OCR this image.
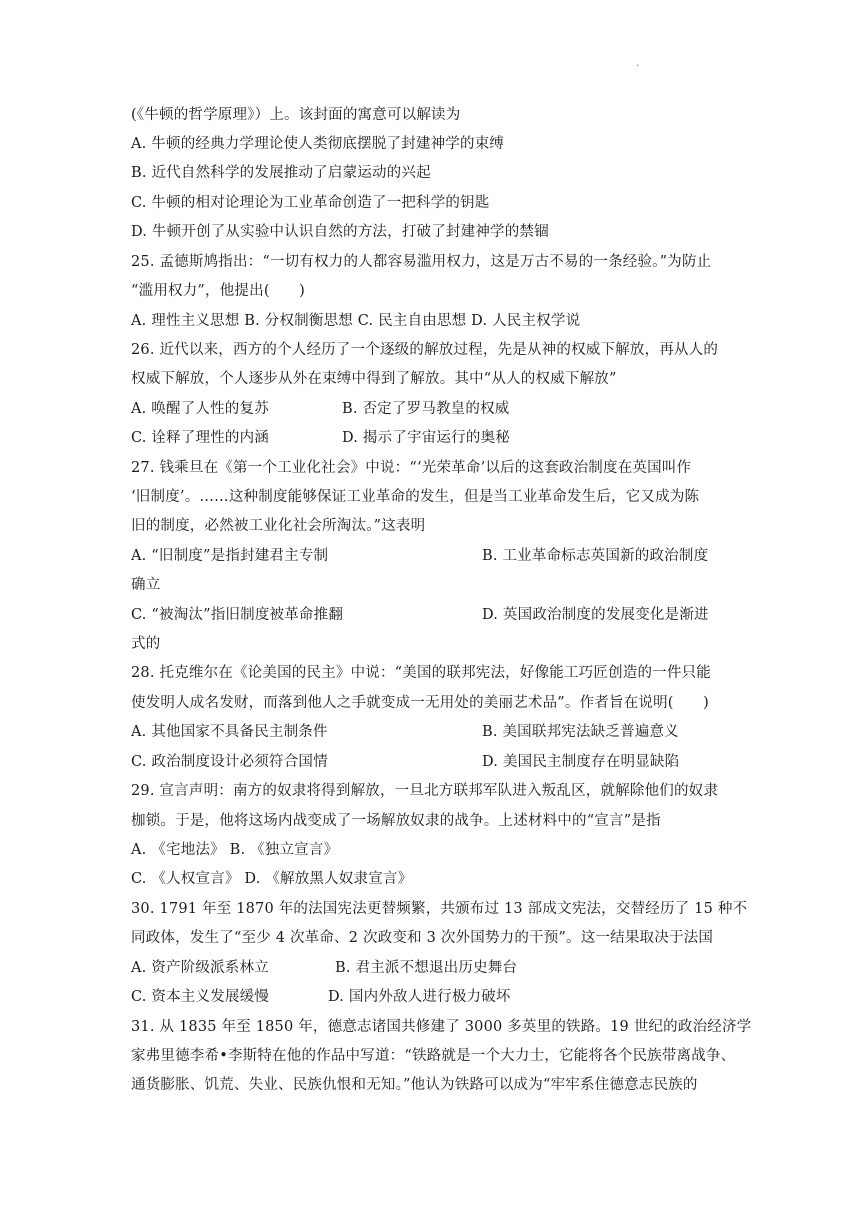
.
(《牛顿的哲学原理》）上。该封面的寓意可以解读为
A. 牛顿的经典力学理论使人类彻底摆脱了封建神学的束缚
B. 近代自然科学的发展推动了启蒙运动的兴起
C. 牛顿的相对论理论为工业革命创造了一把科学的钥匙
D. 牛顿开创了从实验中认识自然的方法，打破了封建神学的禁锢
25. 孟德斯鸠指出：“一切有权力的人都容易滥用权力，这是万古不易的一条经验。”为防止
“滥用权力”，他提出(　　)
A. 理性主义思想 B. 分权制衡思想 C. 民主自由思想 D. 人民主权学说
26. 近代以来，西方的个人经历了一个逐级的解放过程，先是从神的权威下解放，再从人的
权威下解放，个人逐步从外在束缚中得到了解放。其中“从人的权威下解放”
A. 唤醒了人性的复苏	B. 否定了罗马教皇的权威
C. 诠释了理性的内涵	D. 揭示了宇宙运行的奥秘
27. 钱乘旦在《第一个工业化社会》中说：“‘光荣革命’以后的这套政治制度在英国叫作
‘旧制度’。……这种制度能够保证工业革命的发生，但是当工业革命发生后，它又成为陈
旧的制度，必然被工业化社会所淘汰。”这表明
A. “旧制度”是指封建君主专制	B. 工业革命标志英国新的政治制度
确立
C. “被淘汰”指旧制度被革命推翻	D. 英国政治制度的发展变化是渐进
式的
28. 托克维尔在《论美国的民主》中说：“美国的联邦宪法，好像能工巧匠创造的一件只能
使发明人成名发财，而落到他人之手就变成一无用处的美丽艺术品”。作者旨在说明(　　)
A. 其他国家不具备民主制条件	B. 美国联邦宪法缺乏普遍意义
C. 政治制度设计必须符合国情	D. 美国民主制度存在明显缺陷
29. 宣言声明：南方的奴隶将得到解放，一旦北方联邦军队进入叛乱区，就解除他们的奴隶
枷锁。于是，他将这场内战变成了一场解放奴隶的战争。上述材料中的“宣言”是指
A. 《宅地法》 B. 《独立宣言》
C. 《人权宣言》 D. 《解放黑人奴隶宣言》
30. 1791 年至 1870 年的法国宪法更替频繁，共颁布过 13 部成文宪法，交替经历了 15 种不
同政体，发生了“至少 4 次革命、2 次政变和 3 次外国势力的干预”。这一结果取决于法国
A. 资产阶级派系林立	B. 君主派不想退出历史舞台
C. 资本主义发展缓慢	D. 国内外敌人进行极力破坏
31. 从 1835 年至 1850 年，德意志诸国共修建了 3000 多英里的铁路。19 世纪的政治经济学
家弗里德李希•李斯特在他的作品中写道：“铁路就是一个大力士，它能将各个民族带离战争、
通货膨胀、饥荒、失业、民族仇恨和无知。”他认为铁路可以成为“牢牢系住德意志民族的
